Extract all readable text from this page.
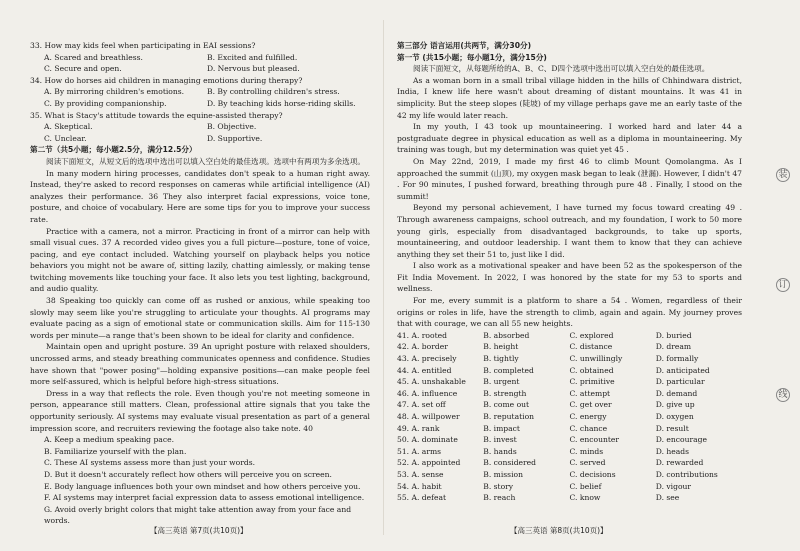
33. How may kids feel when participating in EAI sessions?
A. Scared and breathless.	B. Excited and fulfilled.
C. Secure and open.	D. Nervous but pleased.
34. How do horses aid children in managing emotions during therapy?
A. By mirroring children's emotions.	B. By controlling children's stress.
C. By providing companionship.	D. By teaching kids horse-riding skills.
35. What is Stacy's attitude towards the equine-assisted therapy?
A. Skeptical.	B. Objective.
C. Unclear.	D. Supportive.
第二节（共5小题；每小题2.5分，满分12.5分）

阅读下面短文，从短文后的选项中选出可以填入空白处的最佳选项。选项中有两项为多余选项。

In many modern hiring processes, candidates don't speak to a human right away. Instead, they're asked to record responses on cameras while artificial intelligence (AI) analyzes their performance. 36 They also interpret facial expressions, voice tone, posture, and choice of vocabulary. Here are some tips for you to improve your success rate.

Practice with a camera, not a mirror. Practicing in front of a mirror can help with small visual cues. 37 A recorded video gives you a full picture—posture, tone of voice, pacing, and eye contact included. Watching yourself on playback helps you notice behaviors you might not be aware of, sitting lazily, chatting aimlessly, or making tense twitching movements like touching your face. It also lets you test lighting, background, and audio quality.

38 Speaking too quickly can come off as rushed or anxious, while speaking too slowly may seem like you're struggling to articulate your thoughts. AI programs may evaluate pacing as a sign of emotional state or communication skills. Aim for 115-130 words per minute—a range that's been shown to be ideal for clarity and confidence.

Maintain open and upright posture. 39 An upright posture with relaxed shoulders, uncrossed arms, and steady breathing communicates openness and confidence. Studies have shown that "power posing"—holding expansive positions—can make people feel more self-assured, which is helpful before high-stress situations.

Dress in a way that reflects the role. Even though you're not meeting someone in person, appearance still matters. Clean, professional attire signals that you take the opportunity seriously. AI systems may evaluate visual presentation as part of a general impression score, and recruiters reviewing the footage also take note. 40

A. Keep a medium speaking pace.
B. Familiarize yourself with the plan.
C. These AI systems assess more than just your words.
D. But it doesn't accurately reflect how others will perceive you on screen.
E. Body language influences both your own mindset and how others perceive you.
F. AI systems may interpret facial expression data to assess emotional intelligence.
G. Avoid overly bright colors that might take attention away from your face and words.
第三部分 语言运用(共两节，满分30分)
第一节 (共15小题；每小题1分，满分15分)

阅读下面短文，从每题所给的A、B、C、D四个选项中选出可以填入空白处的最佳选项。

As a woman born in a small tribal village hidden in the hills of Chhindwara district, India, I knew life here wasn't about dreaming of distant mountains. It was 41 in simplicity. But the steep slopes (陡坡) of my village perhaps gave me an early taste of the 42 my life would later reach.

In my youth, I 43 took up mountaineering. I worked hard and later 44 a postgraduate degree in physical education as well as a diploma in mountaineering. My training was tough, but my determination was quiet yet 45 .

On May 22nd, 2019, I made my first 46 to climb Mount Qomolangma. As I approached the summit (山顶), my oxygen mask began to leak (泄漏). However, I didn't 47 . For 90 minutes, I pushed forward, breathing through pure 48 . Finally, I stood on the summit!

Beyond my personal achievement, I have turned my focus toward creating 49 . Through awareness campaigns, school outreach, and my foundation, I work to 50 more young girls, especially from disadvantaged backgrounds, to take up sports, mountaineering, and outdoor leadership. I want them to know that they can achieve anything they set their 51 to, just like I did.

I also work as a motivational speaker and have been 52 as the spokesperson of the Fit India Movement. In 2022, I was honored by the state for my 53 to sports and wellness.

For me, every summit is a platform to share a 54 . Women, regardless of their origins or roles in life, have the strength to climb, again and again. My journey proves that with courage, we can all 55 new heights.

41. A. rooted	B. absorbed	C. explored	D. buried
42. A. border	B. height	C. distance	D. dream
43. A. precisely	B. tightly	C. unwillingly	D. formally
44. A. entitled	B. completed	C. obtained	D. anticipated
45. A. unshakable	B. urgent	C. primitive	D. particular
46. A. influence	B. strength	C. attempt	D. demand
47. A. set off	B. come out	C. get over	D. give up
48. A. willpower	B. reputation	C. energy	D. oxygen
49. A. rank	B. impact	C. chance	D. result
50. A. dominate	B. invest	C. encounter	D. encourage
51. A. arms	B. hands	C. minds	D. heads
52. A. appointed	B. considered	C. served	D. rewarded
53. A. sense	B. mission	C. decisions	D. contributions
54. A. habit	B. story	C. belief	D. vigour
55. A. defeat	B. reach	C. know	D. see
【高三英语 第7页(共10页)】	【高三英语 第8页(共10页)】
装
订
线
